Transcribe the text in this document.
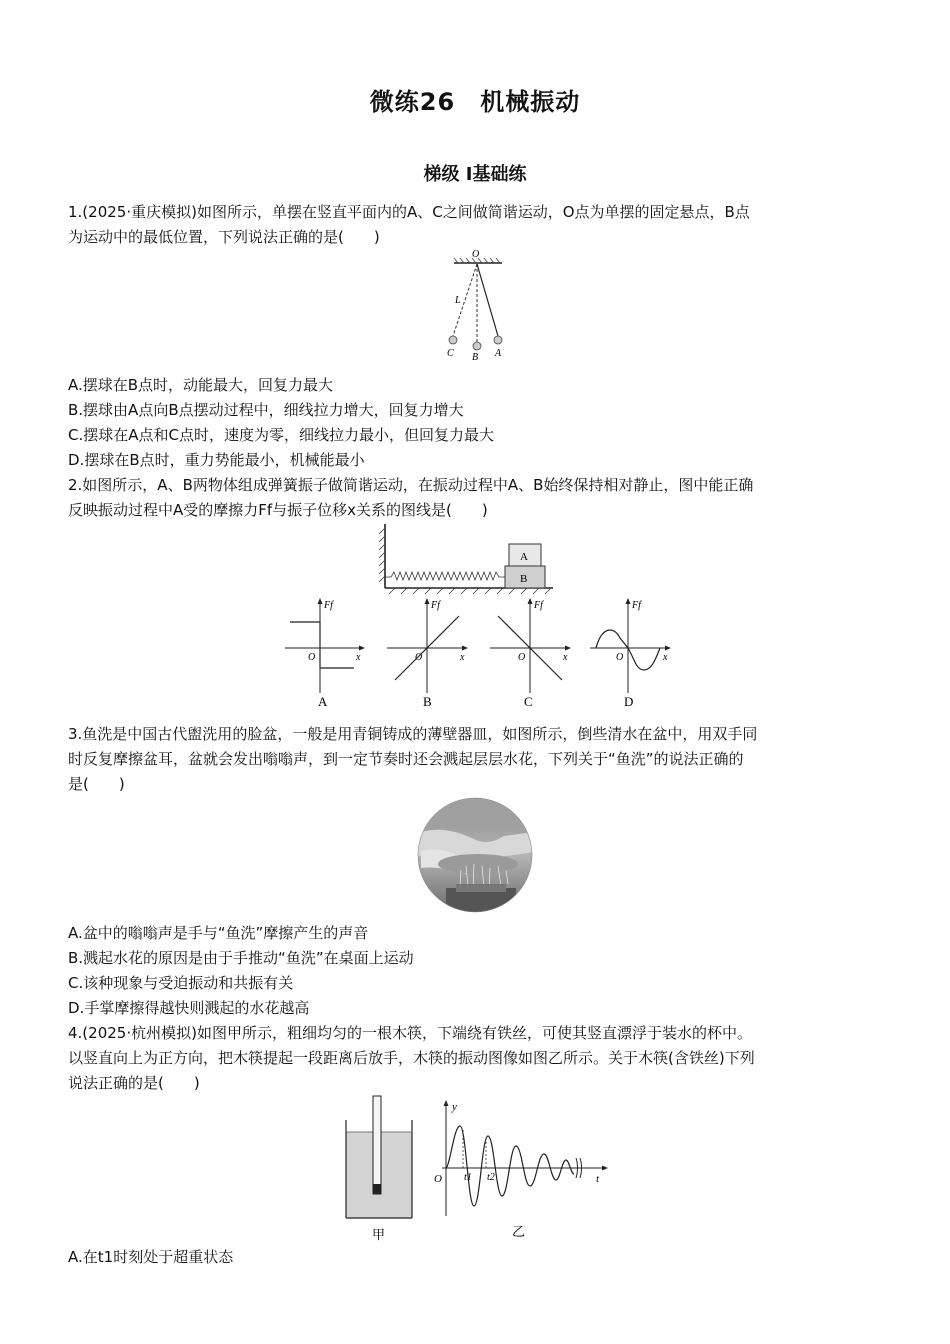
微练26　机械振动
梯级 Ⅰ基础练
1.(2025·重庆模拟)如图所示，单摆在竖直平面内的A、C之间做简谐运动，O点为单摆的固定悬点，B点
为运动中的最低位置，下列说法正确的是(　　)
O
L
C B A
A.摆球在B点时，动能最大，回复力最大
B.摆球由A点向B点摆动过程中，细线拉力增大，回复力增大
C.摆球在A点和C点时，速度为零，细线拉力最小，但回复力最大
D.摆球在B点时，重力势能最小，机械能最小
2.如图所示，A、B两物体组成弹簧振子做简谐运动，在振动过程中A、B始终保持相对静止，图中能正确
反映振动过程中A受的摩擦力Ff与振子位移x关系的图线是(　　)
A
B
Ff
x
O
A
Ff
x
O
B
Ff
x
O
C
Ff
x
O
D
3.鱼洗是中国古代盥洗用的脸盆，一般是用青铜铸成的薄壁器皿，如图所示，倒些清水在盆中，用双手同
时反复摩擦盆耳，盆就会发出嗡嗡声，到一定节奏时还会溅起层层水花，下列关于“鱼洗”的说法正确的
是(　　)
A.盆中的嗡嗡声是手与“鱼洗”摩擦产生的声音
B.溅起水花的原因是由于手推动“鱼洗”在桌面上运动
C.该种现象与受迫振动和共振有关
D.手掌摩擦得越快则溅起的水花越高
4.(2025·杭州模拟)如图甲所示，粗细均匀的一根木筷，下端绕有铁丝，可使其竖直漂浮于装水的杯中。
以竖直向上为正方向，把木筷提起一段距离后放手，木筷的振动图像如图乙所示。关于木筷(含铁丝)下列
说法正确的是(　　)
甲
y
t
O t1 t2
乙
A.在t1时刻处于超重状态
